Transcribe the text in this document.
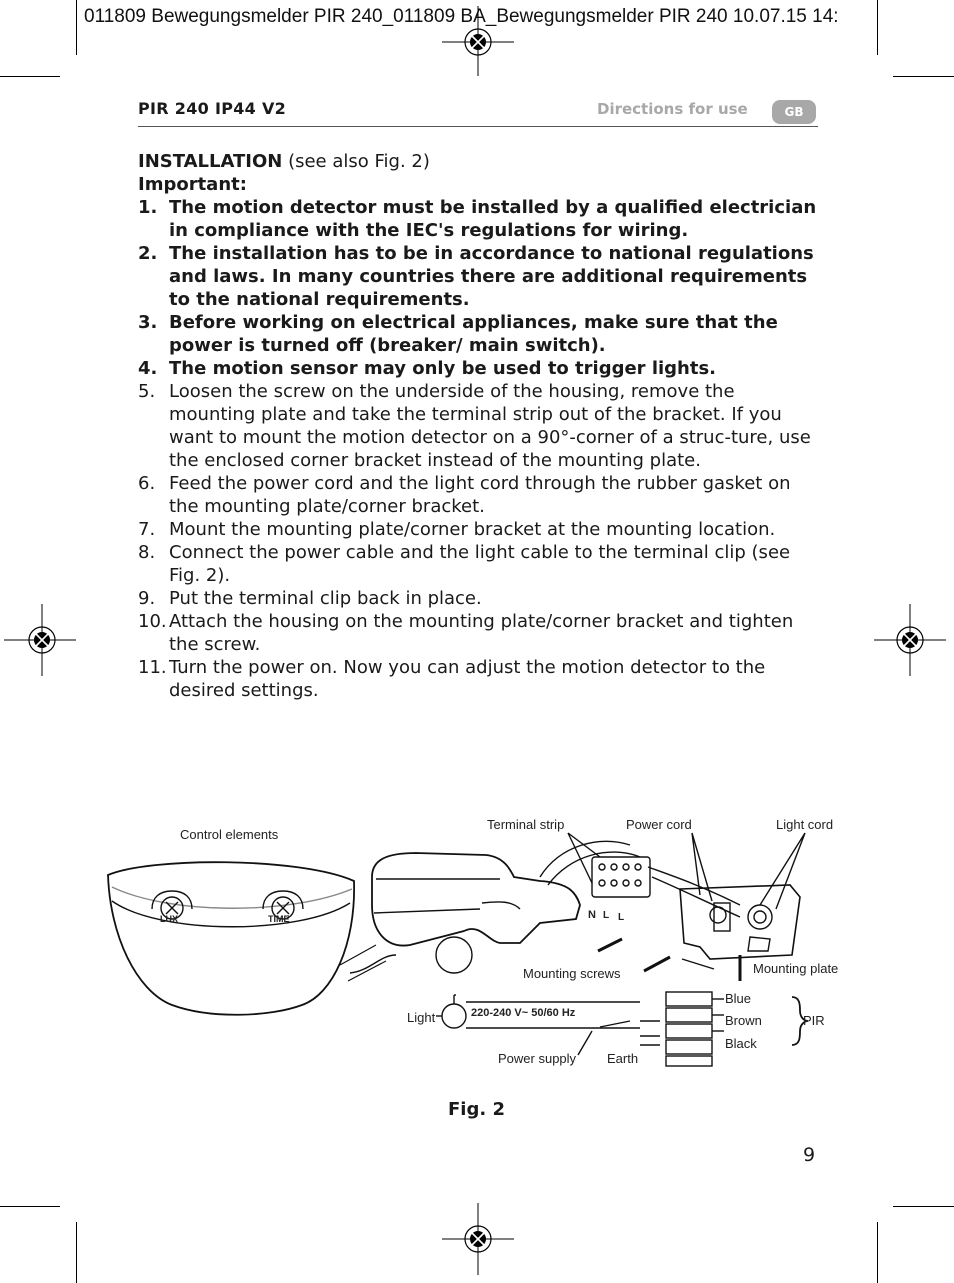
011809 Bewegungsmelder PIR 240_011809 BA_Bewegungsmelder PIR 240 10.07.15 14:
PIR 240 IP44 V2	Directions for use	GB
INSTALLATION (see also Fig. 2)
Important:
1. The motion detector must be installed by a qualified electrician in compliance with the IEC's regulations for wiring.
2. The installation has to be in accordance to national regulations and laws. In many countries there are additional requirements to the national requirements.
3. Before working on electrical appliances, make sure that the power is turned off (breaker/ main switch).
4. The motion sensor may only be used to trigger lights.
5. Loosen the screw on the underside of the housing, remove the mounting plate and take the terminal strip out of the bracket. If you want to mount the motion detector on a 90°-corner of a struc-ture, use the enclosed corner bracket instead of the mounting plate.
6. Feed the power cord and the light cord through the rubber gasket on the mounting plate/corner bracket.
7. Mount the mounting plate/corner bracket at the mounting location.
8. Connect the power cable and the light cable to the terminal clip (see Fig. 2).
9. Put the terminal clip back in place.
10. Attach the housing on the mounting plate/corner bracket and tighten the screw.
11. Turn the power on. Now you can adjust the motion detector to the desired settings.
Control elements
Terminal strip	Power cord	Light cord
Mounting screws	Mounting plate
Light	220-240 V~ 50/60 Hz
Power supply Earth
Blue
Brown
Black
PIR
LUX	TIME	N L L
Fig. 2
9
